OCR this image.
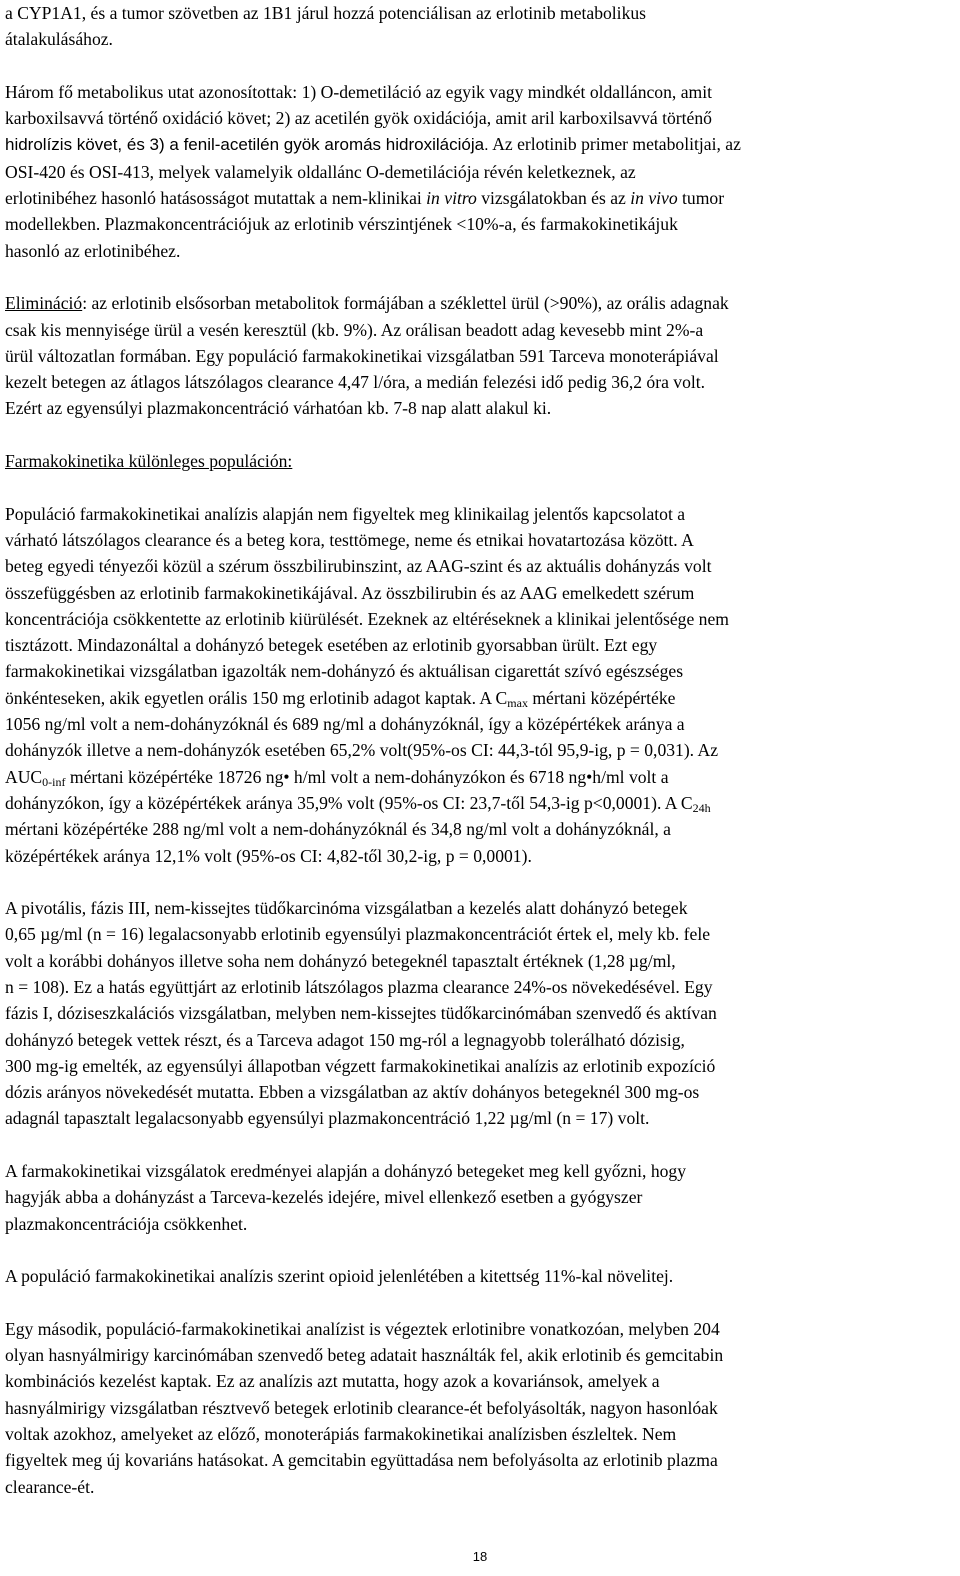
a CYP1A1, és a tumor szövetben az 1B1 járul hozzá potenciálisan az erlotinib metabolikus

átalakulásához.

Három fő metabolikus utat azonosítottak: 1) O-demetiláció az egyik vagy mindkét oldalláncon, amit

karboxilsavvá történő oxidáció követ; 2) az acetilén gyök oxidációja, amit aril karboxilsavvá történő

hidrolízis követ, és 3) a fenil-acetilén gyök aromás hidroxilációja. Az erlotinib primer metabolitjai, az

OSI-420 és OSI-413, melyek valamelyik oldallánc O-demetilációja révén keletkeznek, az

erlotinibéhez hasonló hatásosságot mutattak a nem-klinikai in vitro vizsgálatokban és az in vivo tumor

modellekben. Plazmakoncentrációjuk az erlotinib vérszintjének <10%-a, és farmakokinetikájuk

hasonló az erlotinibéhez.

Elimináció: az erlotinib elsősorban metabolitok formájában a széklettel ürül (>90%), az orális adagnak

csak kis mennyisége ürül a vesén keresztül (kb. 9%). Az orálisan beadott adag kevesebb mint 2%-a

ürül változatlan formában. Egy populáció farmakokinetikai vizsgálatban 591 Tarceva monoterápiával

kezelt betegen az átlagos látszólagos clearance 4,47 l/óra, a medián felezési idő pedig 36,2 óra volt.

Ezért az egyensúlyi plazmakoncentráció várhatóan kb. 7-8 nap alatt alakul ki.

Farmakokinetika különleges populáción:

Populáció farmakokinetikai analízis alapján nem figyeltek meg klinikailag jelentős kapcsolatot a

várható látszólagos clearance és a beteg kora, testtömege, neme és etnikai hovatartozása között. A

beteg egyedi tényezői közül a szérum összbilirubinszint, az AAG-szint és az aktuális dohányzás volt

összefüggésben az erlotinib farmakokinetikájával. Az összbilirubin és az AAG emelkedett szérum

koncentrációja csökkentette az erlotinib kiürülését. Ezeknek az eltéréseknek a klinikai jelentősége nem

tisztázott. Mindazonáltal a dohányzó betegek esetében az erlotinib gyorsabban ürült. Ezt egy

farmakokinetikai vizsgálatban igazolták nem-dohányzó és aktuálisan cigarettát szívó egészséges

önkénteseken, akik egyetlen orális 150 mg erlotinib adagot kaptak. A $C_{max}$ mértani középértéke

1056 ng/ml volt a nem-dohányzóknál és 689 ng/ml a dohányzóknál, így a középértékek aránya a

dohányzók illetve a nem-dohányzók esetében 65,2% volt(95%-os CI: 44,3-tól 95,9-ig, p = 0,031). Az

$AUC_{0-inf}$ mértani középértéke 18726 ng• h/ml volt a nem-dohányzókon és 6718 ng•h/ml volt a

dohányzókon, így a középértékek aránya 35,9% volt (95%-os CI: 23,7-től 54,3-ig p<0,0001). A $C_{24h}$

mértani középértéke 288 ng/ml volt a nem-dohányzóknál és 34,8 ng/ml volt a dohányzóknál, a

középértékek aránya 12,1% volt (95%-os CI: 4,82-től 30,2-ig, p = 0,0001).

A pivotális, fázis III, nem-kissejtes tüdőkarcinóma vizsgálatban a kezelés alatt dohányzó betegek

0,65 µg/ml (n = 16) legalacsonyabb erlotinib egyensúlyi plazmakoncentrációt értek el, mely kb. fele

volt a korábbi dohányos illetve soha nem dohányzó betegeknél tapasztalt értéknek (1,28 µg/ml,

n = 108). Ez a hatás együttjárt az erlotinib látszólagos plazma clearance 24%-os növekedésével. Egy

fázis I, dóziseszkalációs vizsgálatban, melyben nem-kissejtes tüdőkarcinómában szenvedő és aktívan

dohányzó betegek vettek részt, és a Tarceva adagot 150 mg-ról a legnagyobb tolerálható dózisig,

300 mg-ig emelték, az egyensúlyi állapotban végzett farmakokinetikai analízis az erlotinib expozíció

dózis arányos növekedését mutatta. Ebben a vizsgálatban az aktív dohányos betegeknél 300 mg-os

adagnál tapasztalt legalacsonyabb egyensúlyi plazmakoncentráció 1,22 µg/ml (n = 17) volt.

A farmakokinetikai vizsgálatok eredményei alapján a dohányzó betegeket meg kell győzni, hogy

hagyják abba a dohányzást a Tarceva-kezelés idejére, mivel ellenkező esetben a gyógyszer

plazmakoncentrációja csökkenhet.

A populáció farmakokinetikai analízis szerint opioid jelenlétében a kitettség 11%-kal növelitej.

Egy második, populáció-farmakokinetikai analízist is végeztek erlotinibre vonatkozóan, melyben 204

olyan hasnyálmirigy karcinómában szenvedő beteg adatait használták fel, akik erlotinib és gemcitabin

kombinációs kezelést kaptak. Ez az analízis azt mutatta, hogy azok a kovariánsok, amelyek a

hasnyálmirigy vizsgálatban résztvevő betegek erlotinib clearance-ét befolyásolták, nagyon hasonlóak

voltak azokhoz, amelyeket az előző, monoterápiás farmakokinetikai analízisben észleltek. Nem

figyeltek meg új kovariáns hatásokat. A gemcitabin együttadása nem befolyásolta az erlotinib plazma

clearance-ét.

18
